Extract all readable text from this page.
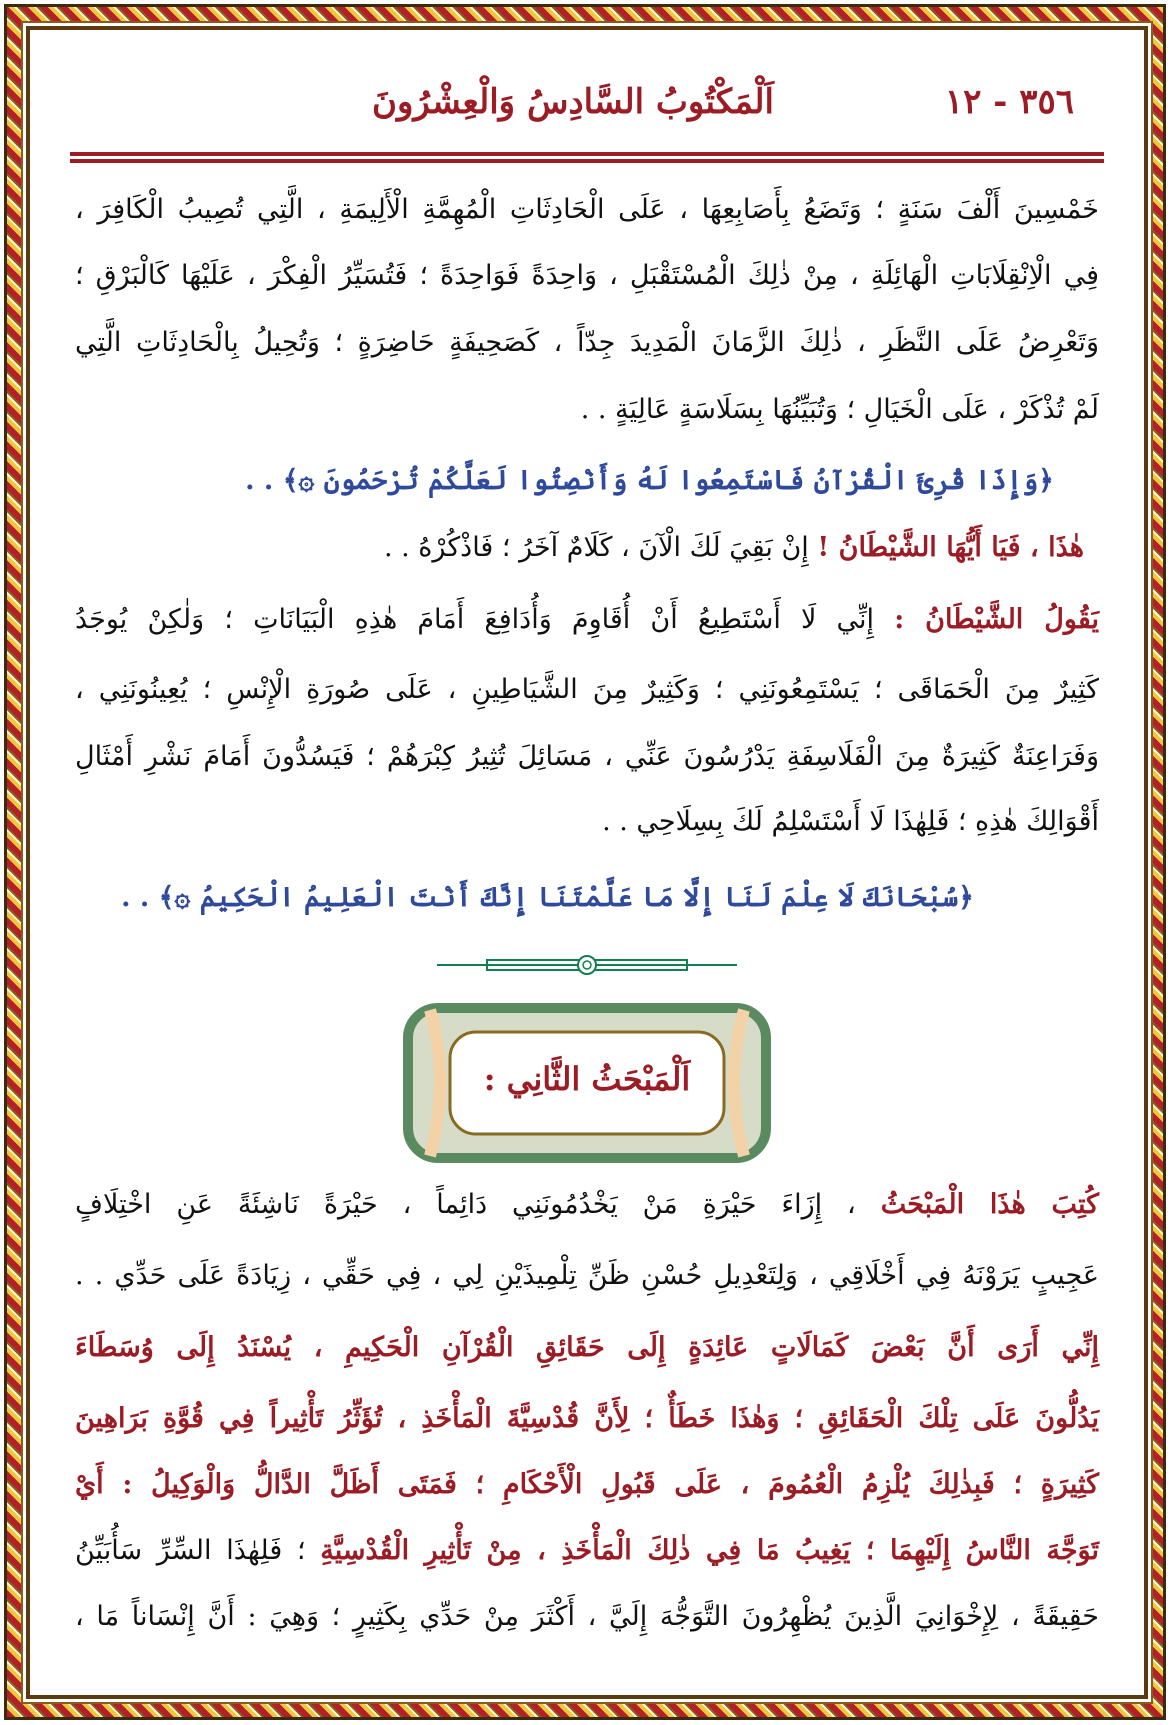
٣٥٦ - ١٢
اَلْمَكْتُوبُ السَّادِسُ وَالْعِشْرُونَ
خَمْسِينَ أَلْفَ سَنَةٍ ؛ وَتَضَعُ بِأَصَابِعِهَا ، عَلَى الْحَادِثَاتِ الْمُهِمَّةِ الْأَلِيمَةِ ، الَّتِي تُصِيبُ الْكَافِرَ ،
فِي الْاِنْقِلَابَاتِ الْهَائِلَةِ ، مِنْ ذٰلِكَ الْمُسْتَقْبَلِ ، وَاحِدَةً فَوَاحِدَةً ؛ فَتُسَيِّرُ الْفِكْرَ ، عَلَيْهَا كَالْبَرْقِ ؛
وَتَعْرِضُ عَلَى النَّظَرِ ، ذٰلِكَ الزَّمَانَ الْمَدِيدَ جِدّاً ، كَصَحِيفَةٍ حَاضِرَةٍ ؛ وَتُحِيلُ بِالْحَادِثَاتِ الَّتِي
لَمْ تُذْكَرْ ، عَلَى الْخَيَالِ ؛ وَتُبَيِّنُهَا بِسَلَاسَةٍ عَالِيَةٍ . .
﴿وَإِذَا قُرِئَ الْقُرْآنُ فَاسْتَمِعُوا لَهُ وَأَنْصِتُوا لَعَلَّكُمْ تُرْحَمُونَ ۞﴾ . .
هٰذَا ، فَيَا أَيُّهَا الشَّيْطَانُ ! إِنْ بَقِيَ لَكَ الْآنَ ، كَلَامٌ آخَرُ ؛ فَاذْكُرْهُ . .
يَقُولُ الشَّيْطَانُ : إِنِّي لَا أَسْتَطِيعُ أَنْ أُقَاوِمَ وَأُدَافِعَ أَمَامَ هٰذِهِ الْبَيَانَاتِ ؛ وَلٰكِنْ يُوجَدُ
كَثِيرٌ مِنَ الْحَمَاقَى ؛ يَسْتَمِعُونَنِي ؛ وَكَثِيرٌ مِنَ الشَّيَاطِينِ ، عَلَى صُورَةِ الْإِنْسِ ؛ يُعِينُونَنِي ،
وَفَرَاعِنَةٌ كَثِيرَةٌ مِنَ الْفَلَاسِفَةِ يَدْرُسُونَ عَنِّي ، مَسَائِلَ تُثِيرُ كِبْرَهُمْ ؛ فَيَسُدُّونَ أَمَامَ نَشْرِ أَمْثَالِ
أَقْوَالِكَ هٰذِهِ ؛ فَلِهٰذَا لَا أَسْتَسْلِمُ لَكَ بِسِلَاحِي . .
﴿سُبْحَانَكَ لَا عِلْمَ لَنَا إِلَّا مَا عَلَّمْتَنَا إِنَّكَ أَنْتَ الْعَلِيمُ الْحَكِيمُ ۞﴾ . .
اَلْمَبْحَثُ الثَّانِي :
كُتِبَ هٰذَا الْمَبْحَثُ ، إِزَاءَ حَيْرَةِ مَنْ يَخْدُمُونَنِي دَائِماً ، حَيْرَةً نَاشِئَةً عَنِ اخْتِلَافٍ
عَجِيبٍ يَرَوْنَهُ فِي أَخْلَاقِي ، وَلِتَعْدِيلِ حُسْنِ ظَنِّ تِلْمِيذَيْنِ لِي ، فِي حَقِّي ، زِيَادَةً عَلَى حَدِّي . .
إِنِّي أَرَى أَنَّ بَعْضَ كَمَالَاتٍ عَائِدَةٍ إِلَى حَقَائِقِ الْقُرْآنِ الْحَكِيمِ ، يُسْنَدُ إِلَى وُسَطَاءَ
يَدُلُّونَ عَلَى تِلْكَ الْحَقَائِقِ ؛ وَهٰذَا خَطَأٌ ؛ لِأَنَّ قُدْسِيَّةَ الْمَأْخَذِ ، تُؤَثِّرُ تَأْثِيراً فِي قُوَّةِ بَرَاهِينَ
كَثِيرَةٍ ؛ فَبِذٰلِكَ يُلْزِمُ الْعُمُومَ ، عَلَى قَبُولِ الْأَحْكَامِ ؛ فَمَتَى أَظَلَّ الدَّالُّ وَالْوَكِيلُ : أَيْ
تَوَجَّهَ النَّاسُ إِلَيْهِمَا ؛ يَغِيبُ مَا فِي ذٰلِكَ الْمَأْخَذِ ، مِنْ تَأْثِيرِ الْقُدْسِيَّةِ ؛ فَلِهٰذَا السِّرِّ سَأُبَيِّنُ
حَقِيقَةً ، لِإِخْوَانِيَ الَّذِينَ يُظْهِرُونَ التَّوَجُّهَ إِلَيَّ ، أَكْثَرَ مِنْ حَدِّي بِكَثِيرٍ ؛ وَهِيَ : أَنَّ إِنْسَاناً مَا ،
